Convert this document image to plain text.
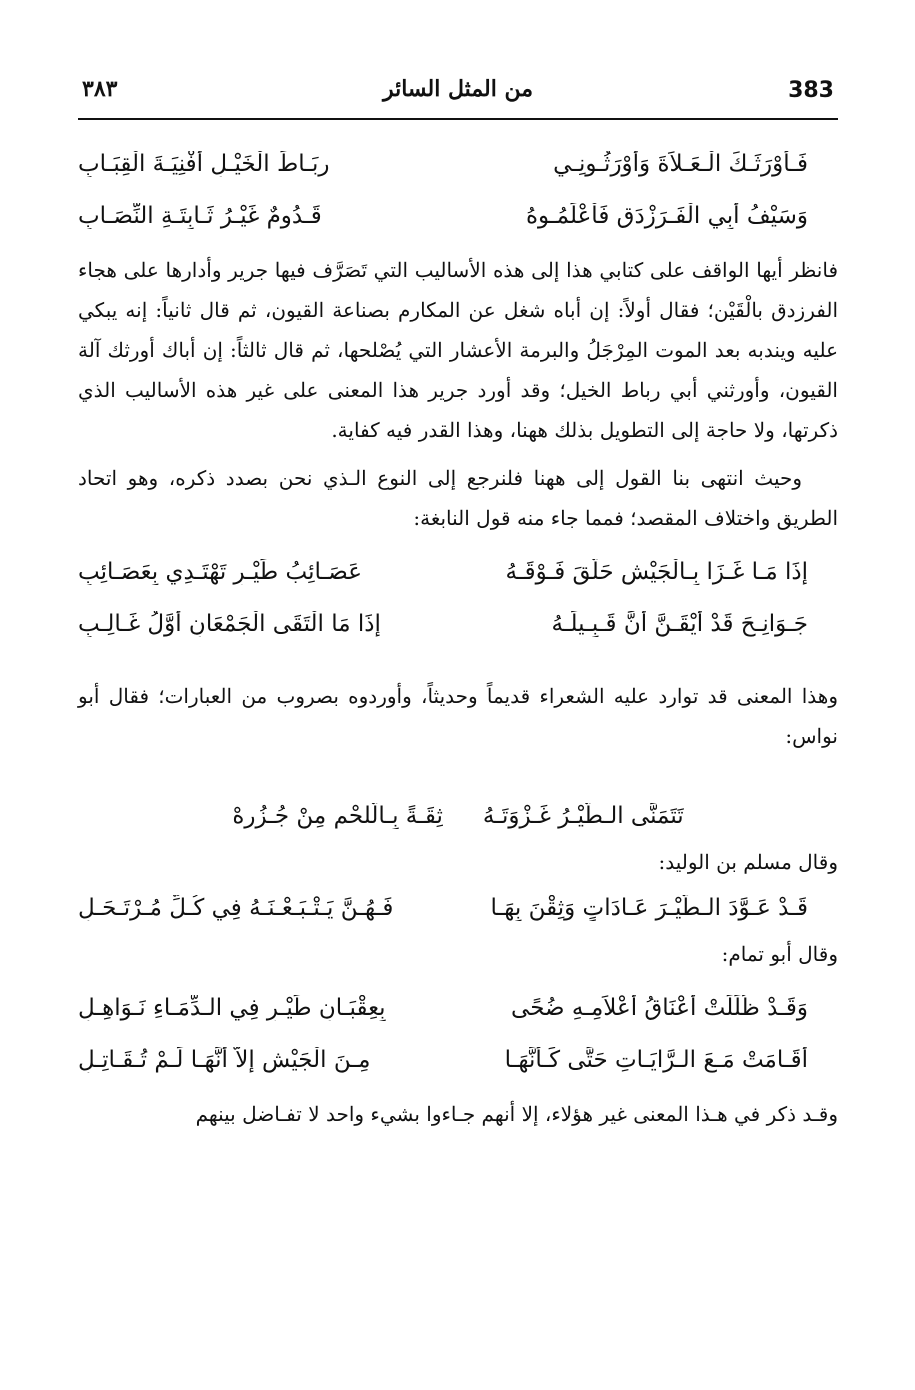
383
من المثل السائر
٣٨٣
فَـأَوْرَثَـكَ الْـعَـلاَةَ وَأَوْرَثُـونِـي
رِبَـاطَ الْخَيْـلِ أَفْنِيَـةَ الْقِبَـابِ
وَسَيْفُ أَبِي الْفَـرَزْدَقِ فَاْعْلَمُـوهُ
قَـدُومٌ غَيْـرُ ثَـابِتَـةِ النِّصَـابِ

فانظر أيها الواقف على كتابي هذا إلى هذه الأساليب التي تَصَرَّف فيها جرير وأدارها على هجاء الفرزدق بالْقَيْن؛ فقال أولاً: إن أباه شغل عن المكارم بصناعة القيون، ثم قال ثانياً: إنه يبكي عليه ويندبه بعد الموت المِرْجَلُ والبرمة الأعشار التي يُصْلحها، ثم قال ثالثاً: إن أباك أورثك آلة القيون، وأورثني أبي رباط الخيل؛ وقد أورد جرير هذا المعنى على غير هذه الأساليب الذي ذكرتها، ولا حاجة إلى التطويل بذلك ههنا، وهذا القدر فيه كفاية.

وحيث انتهى بنا القول إلى ههنا فلنرجع إلى النوع الـذي نحن بصدد ذكره، وهو اتحاد الطريق واختلاف المقصد؛ فمما جاء منه قول النابغة:

إِذَا مَـا غَـزَا بِـالْجَيْشِ حَلَّقَ فَـوْقَـهُ
عَصَـائِبُ طَيْـرٍ تَهْتَـدِي بِعَصَـائِبِ
جَـوَانِـحَ قَدْ أَيْقَـنَّ أَنَّ قَـبِـيلَـهُ
إِذَا مَا الْتَقَى الْجَمْعَانِ أَوَّلُ غَـالِـبِ

وهذا المعنى قد توارد عليه الشعراء قديماً وحديثاً، وأوردوه بصروب من العبارات؛ فقال أبو نواس:

تَتَمَنَّى الـطَّيْـرُ غَـزْوَتَـهُ
ثِقَـةً بِـالَّلحْمِ مِنْ جُـزُرِهْ

وقال مسلم بن الوليد:

قَـدْ عَـوَّدَ الـطَّيْـرَ عَـادَاتٍ وَثِقْنَ بِهَـا
فَـهُـنَّ يَـتْـبَـعْـنَـهُ فِي كُـلِّ مُـرْتَـحَـلِ

وقال أبو تمام:

وَقَـدْ ظُلِّلَتْ أَعْنَاقُ أَعْلاَمِـهِ ضُحًى
بِعِقْبَـانِ طَيْـرٍ فِي الـدِّمَـاءِ نَـوَاهِـلِ
أَقَـامَتْ مَـعَ الـرَّايَـاتِ حَتَّى كَـأَنَّهَـا
مِـنَ الْجَيْشِ إِلاَّ أَنَّهَـا لَـمْ تُـقَـاتِـلِ

وقـد ذكر في هـذا المعنى غير هؤلاء، إلا أنهم جـاءوا بشيء واحد لا تفـاضل بينهم
